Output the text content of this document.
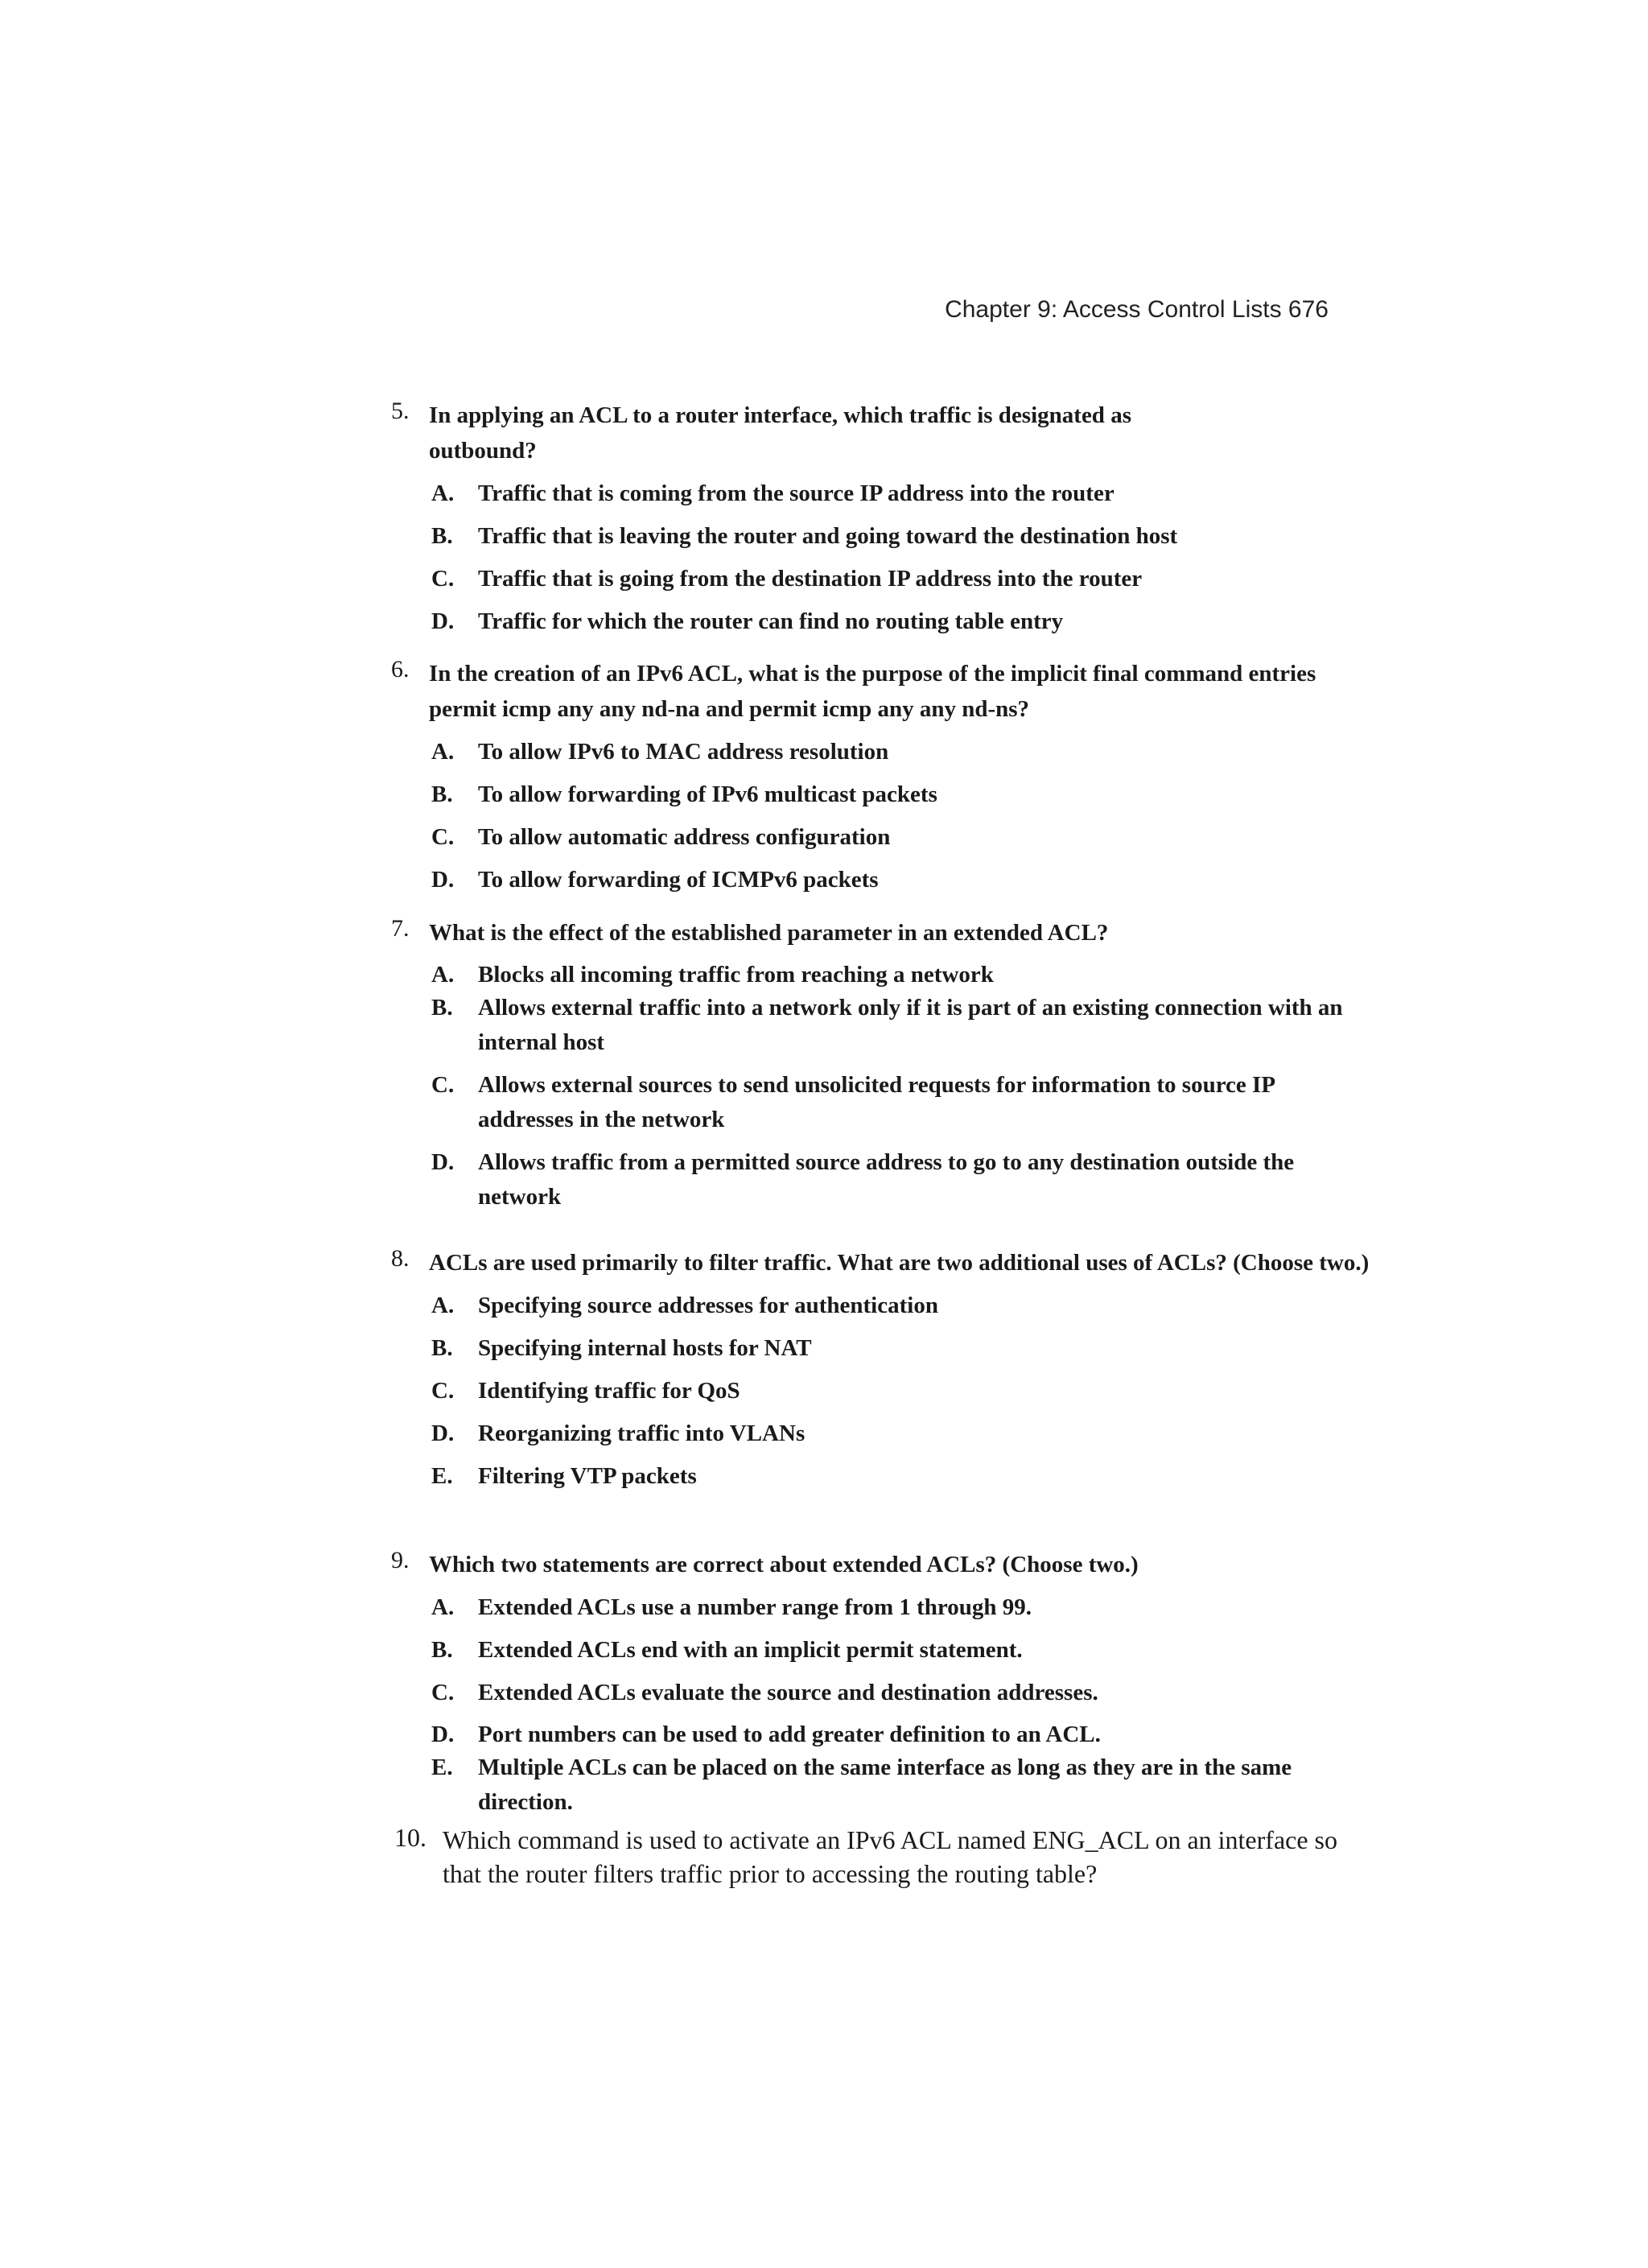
Chapter 9: Access Control Lists 676
5. In applying an ACL to a router interface, which traffic is designated as outbound?
A. Traffic that is coming from the source IP address into the router
B. Traffic that is leaving the router and going toward the destination host
C. Traffic that is going from the destination IP address into the router
D. Traffic for which the router can find no routing table entry
6. In the creation of an IPv6 ACL, what is the purpose of the implicit final command entries permit icmp any any nd-na and permit icmp any any nd-ns?
A. To allow IPv6 to MAC address resolution
B. To allow forwarding of IPv6 multicast packets
C. To allow automatic address configuration
D. To allow forwarding of ICMPv6 packets
7. What is the effect of the established parameter in an extended ACL?
A. Blocks all incoming traffic from reaching a network
B. Allows external traffic into a network only if it is part of an existing connection with an internal host
C. Allows external sources to send unsolicited requests for information to source IP addresses in the network
D. Allows traffic from a permitted source address to go to any destination outside the network
8. ACLs are used primarily to filter traffic. What are two additional uses of ACLs? (Choose two.)
A. Specifying source addresses for authentication
B. Specifying internal hosts for NAT
C. Identifying traffic for QoS
D. Reorganizing traffic into VLANs
E. Filtering VTP packets
9. Which two statements are correct about extended ACLs? (Choose two.)
A. Extended ACLs use a number range from 1 through 99.
B. Extended ACLs end with an implicit permit statement.
C. Extended ACLs evaluate the source and destination addresses.
D. Port numbers can be used to add greater definition to an ACL.
E. Multiple ACLs can be placed on the same interface as long as they are in the same direction.
10. Which command is used to activate an IPv6 ACL named ENG_ACL on an interface so that the router filters traffic prior to accessing the routing table?
